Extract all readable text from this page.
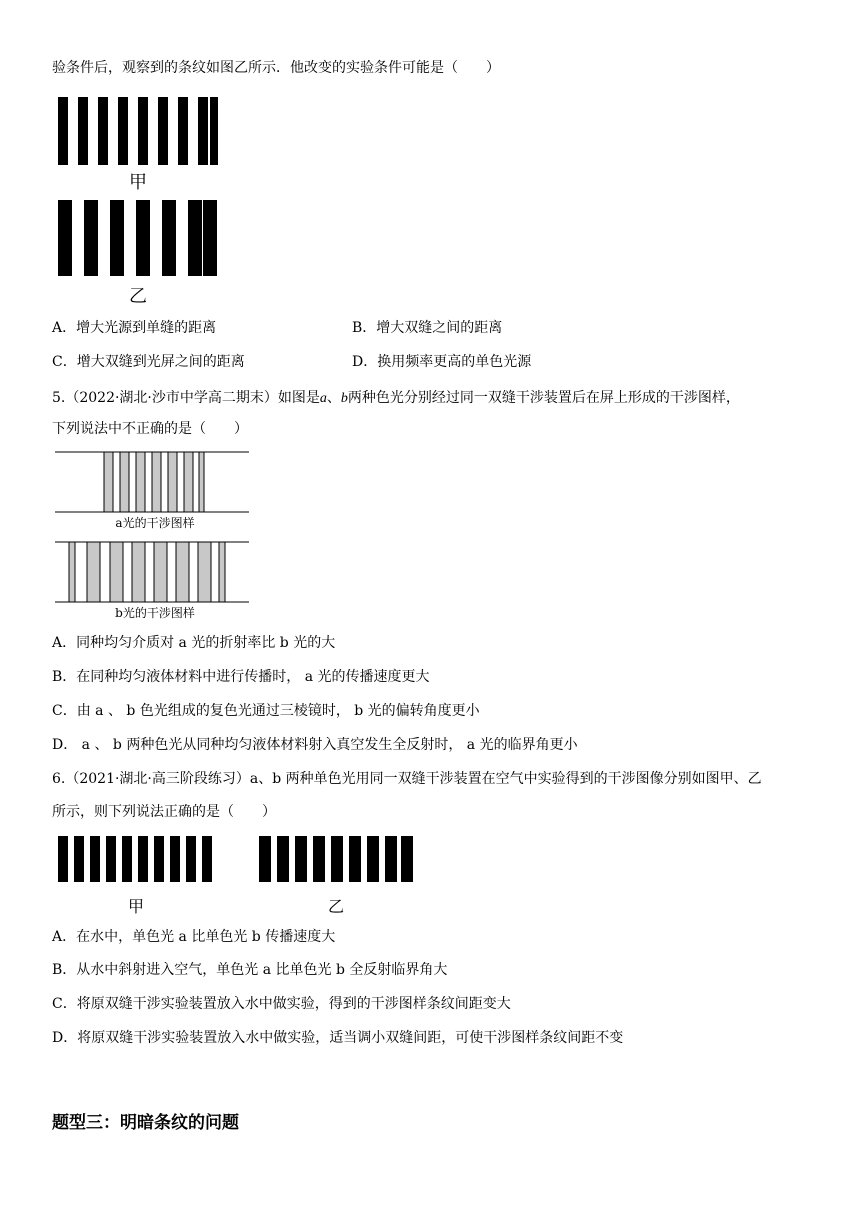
验条件后，观察到的条纹如图乙所示．他改变的实验条件可能是（　　）
甲
乙
A．增大光源到单缝的距离	B．增大双缝之间的距离
C．增大双缝到光屏之间的距离	D．换用频率更高的单色光源
5.（2022·湖北·沙市中学高二期末）如图是a、b两种色光分别经过同一双缝干涉装置后在屏上形成的干涉图样，
下列说法中不正确的是（　　）
a光的干涉图样
b光的干涉图样
A．同种均匀介质对 a 光的折射率比 b 光的大
B．在同种均匀液体材料中进行传播时， a 光的传播速度更大
C．由 a 、 b 色光组成的复色光通过三棱镜时， b 光的偏转角度更小
D． a 、 b 两种色光从同种均匀液体材料射入真空发生全反射时， a 光的临界角更小
6.（2021·湖北·高三阶段练习）a、b 两种单色光用同一双缝干涉装置在空气中实验得到的干涉图像分别如图甲、乙
所示，则下列说法正确的是（　　）
甲	乙
A．在水中，单色光 a 比单色光 b 传播速度大
B．从水中斜射进入空气，单色光 a 比单色光 b 全反射临界角大
C．将原双缝干涉实验装置放入水中做实验，得到的干涉图样条纹间距变大
D．将原双缝干涉实验装置放入水中做实验，适当调小双缝间距，可使干涉图样条纹间距不变
题型三：明暗条纹的问题
